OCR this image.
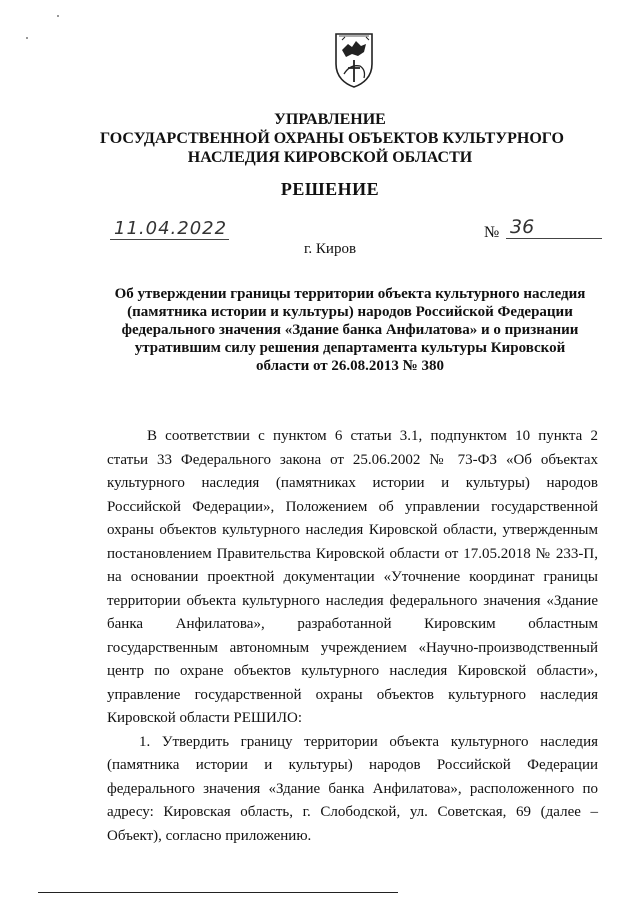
УПРАВЛЕНИЕ
ГОСУДАРСТВЕННОЙ ОХРАНЫ ОБЪЕКТОВ КУЛЬТУРНОГО
НАСЛЕДИЯ КИРОВСКОЙ ОБЛАСТИ
РЕШЕНИЕ
11.04.2022	№ 36
г. Киров
Об утверждении границы территории объекта культурного наследия
(памятника истории и культуры) народов Российской Федерации
федерального значения «Здание банка Анфилатова» и о признании
утратившим силу решения департамента культуры Кировской
области от 26.08.2013 № 380
В соответствии с пунктом 6 статьи 3.1, подпунктом 10 пункта 2
статьи 33 Федерального закона от 25.06.2002 № 73-ФЗ «Об объектах
культурного наследия (памятниках истории и культуры) народов
Российской Федерации», Положением об управлении государственной
охраны объектов культурного наследия Кировской области, утвержденным
постановлением Правительства Кировской области от 17.05.2018 № 233-П,
на основании проектной документации «Уточнение координат границы
территории объекта культурного наследия федерального значения «Здание
банка Анфилатова», разработанной Кировским областным
государственным автономным учреждением «Научно-производственный
центр по охране объектов культурного наследия Кировской области»,
управление государственной охраны объектов культурного наследия
Кировской области РЕШИЛО:
1. Утвердить границу территории объекта культурного наследия
(памятника истории и культуры) народов Российской Федерации
федерального значения «Здание банка Анфилатова», расположенного по
адресу: Кировская область, г. Слободской, ул. Советская, 69 (далее –
Объект), согласно приложению.
